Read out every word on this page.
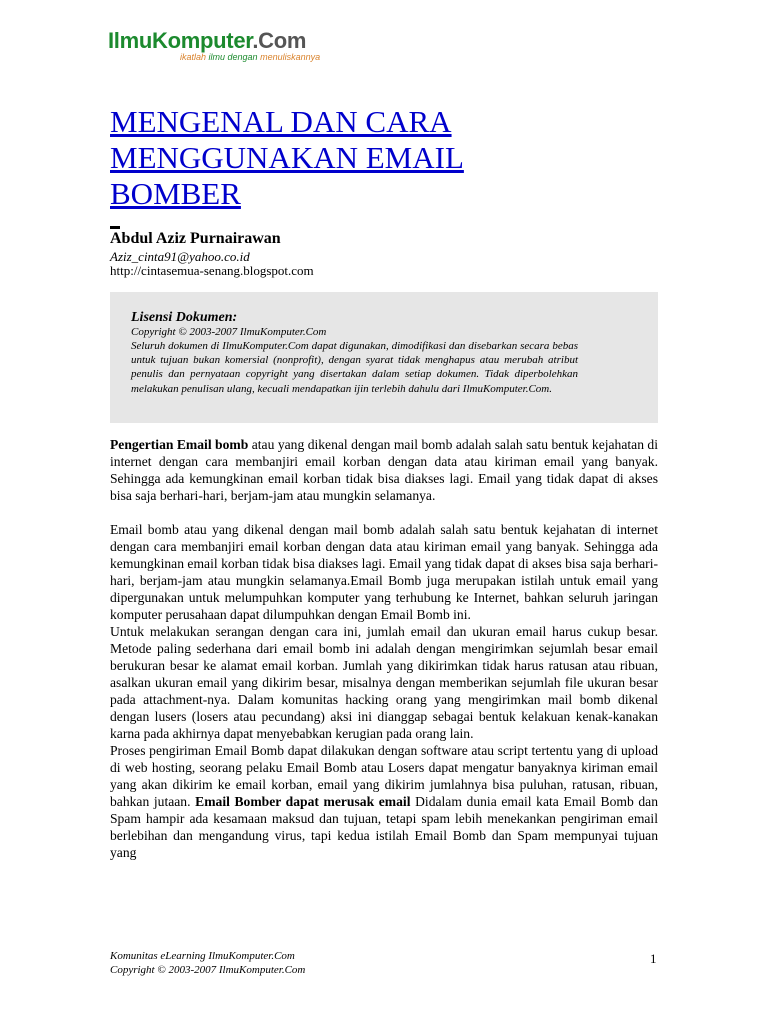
IlmuKomputer.Com
ikatlah ilmu dengan menuliskannya
MENGENAL DAN CARA MENGGUNAKAN EMAIL BOMBER
Abdul Aziz Purnairawan
Aziz_cinta91@yahoo.co.id
http://cintasemua-senang.blogspot.com
Lisensi Dokumen:
Copyright © 2003-2007 IlmuKomputer.Com
Seluruh dokumen di IlmuKomputer.Com dapat digunakan, dimodifikasi dan disebarkan secara bebas untuk tujuan bukan komersial (nonprofit), dengan syarat tidak menghapus atau merubah atribut penulis dan pernyataan copyright yang disertakan dalam setiap dokumen. Tidak diperbolehkan melakukan penulisan ulang, kecuali mendapatkan ijin terlebih dahulu dari IlmuKomputer.Com.

Pengertian Email bomb atau yang dikenal dengan mail bomb adalah salah satu bentuk kejahatan di internet dengan cara membanjiri email korban dengan data atau kiriman email yang banyak. Sehingga ada kemungkinan email korban tidak bisa diakses lagi. Email yang tidak dapat di akses bisa saja berhari-hari, berjam-jam atau mungkin selamanya.

Email bomb atau yang dikenal dengan mail bomb adalah salah satu bentuk kejahatan di internet dengan cara membanjiri email korban dengan data atau kiriman email yang banyak. Sehingga ada kemungkinan email korban tidak bisa diakses lagi. Email yang tidak dapat di akses bisa saja berhari-hari, berjam-jam atau mungkin selamanya.Email Bomb juga merupakan istilah untuk email yang dipergunakan untuk melumpuhkan komputer yang terhubung ke Internet, bahkan seluruh jaringan komputer perusahaan dapat dilumpuhkan dengan Email Bomb ini.

Untuk melakukan serangan dengan cara ini, jumlah email dan ukuran email harus cukup besar. Metode paling sederhana dari email bomb ini adalah dengan mengirimkan sejumlah besar email berukuran besar ke alamat email korban. Jumlah yang dikirimkan tidak harus ratusan atau ribuan, asalkan ukuran email yang dikirim besar, misalnya dengan memberikan sejumlah file ukuran besar pada attachment-nya. Dalam komunitas hacking orang yang mengirimkan mail bomb dikenal dengan lusers (losers atau pecundang) aksi ini dianggap sebagai bentuk kelakuan kenak-kanakan karna pada akhirnya dapat menyebabkan kerugian pada orang lain.

Proses pengiriman Email Bomb dapat dilakukan dengan software atau script tertentu yang di upload di web hosting, seorang pelaku Email Bomb atau Losers dapat mengatur banyaknya kiriman email yang akan dikirim ke email korban, email yang dikirim jumlahnya bisa puluhan, ratusan, ribuan, bahkan jutaan. Email Bomber dapat merusak email Didalam dunia email kata Email Bomb dan Spam hampir ada kesamaan maksud dan tujuan, tetapi spam lebih menekankan pengiriman email berlebihan dan mengandung virus, tapi kedua istilah Email Bomb dan Spam mempunyai tujuan yang

Komunitas eLearning IlmuKomputer.Com
Copyright © 2003-2007 IlmuKomputer.Com
1
